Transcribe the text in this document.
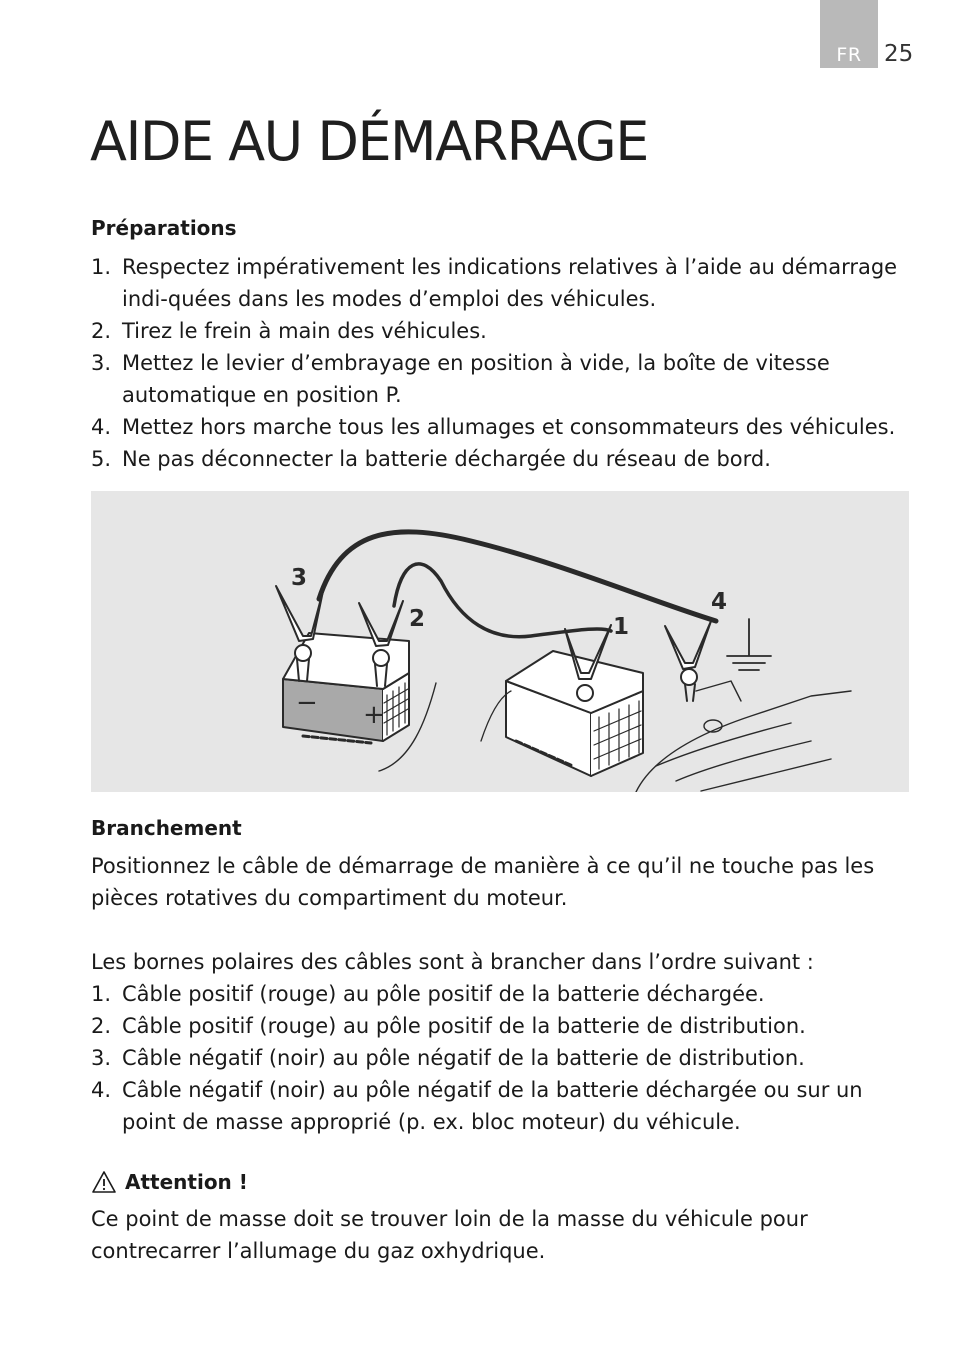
FR 25
AIDE AU DÉMARRAGE
Préparations
1. Respectez impérativement les indications relatives à l’aide au démarrage indi-quées dans les modes d’emploi des véhicules.
2. Tirez le frein à main des véhicules.
3. Mettez le levier d’embrayage en position à vide, la boîte de vitesse automatique en position P.
4. Mettez hors marche tous les allumages et consommateurs des véhicules.
5. Ne pas déconnecter la batterie déchargée du réseau de bord.
3
2	1
4
− +
Branchement

Positionnez le câble de démarrage de manière à ce qu’il ne touche pas les pièces rotatives du compartiment du moteur.

Les bornes polaires des câbles sont à brancher dans l’ordre suivant :

1. Câble positif (rouge) au pôle positif de la batterie déchargée.
2. Câble positif (rouge) au pôle positif de la batterie de distribution.
3. Câble négatif (noir) au pôle négatif de la batterie de distribution.
4. Câble négatif (noir) au pôle négatif de la batterie déchargée ou sur un point de masse approprié (p. ex. bloc moteur) du véhicule.
Attention !

Ce point de masse doit se trouver loin de la masse du véhicule pour contrecarrer l’allumage du gaz oxhydrique.
